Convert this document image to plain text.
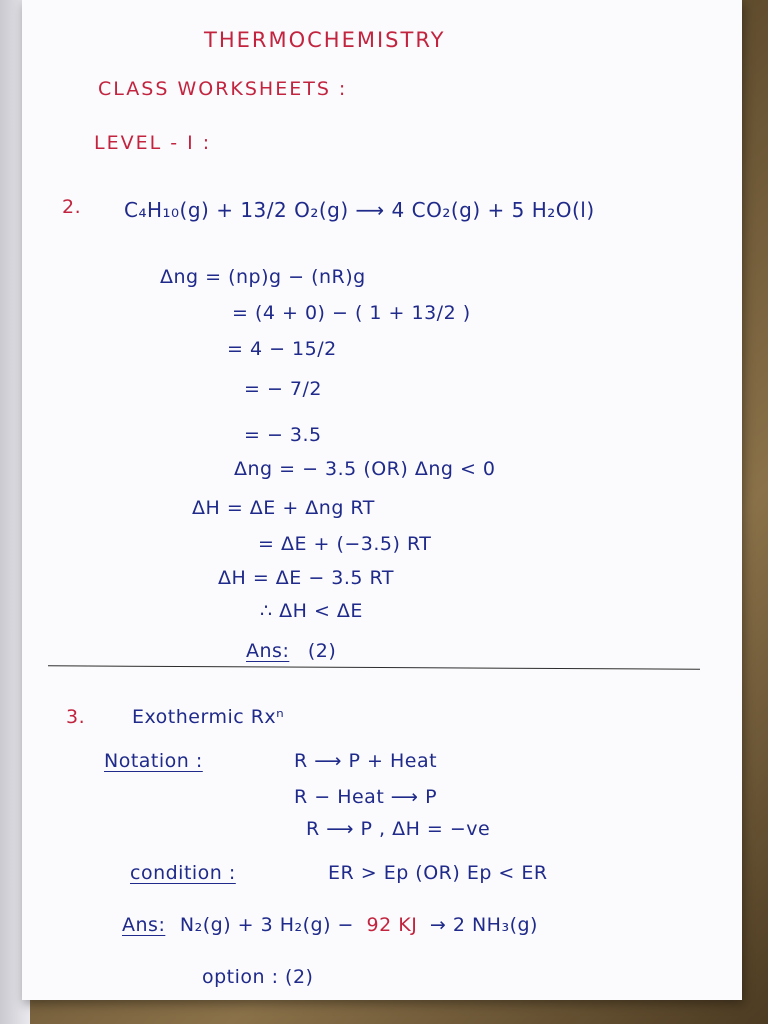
THERMOCHEMISTRY
CLASS WORKSHEETS :
LEVEL - I :
2. C₄H₁₀(g) + 13/2 O₂(g) ⟶ 4 CO₂(g) + 5 H₂O(l)
Δng = (np)g − (nR)g
= (4 + 0) − ( 1 + 13/2 )
= 4 − 15/2
= − 7/2
= − 3.5
Δng = − 3.5 (OR) Δng < 0
ΔH = ΔE + Δng RT
= ΔE + (−3.5) RT
ΔH = ΔE − 3.5 RT
∴ ΔH < ΔE
Ans: (2)
3. Exothermic Rxⁿ
Notation :	R ⟶ P + Heat
R − Heat ⟶ P
R ⟶ P , ΔH = −ve
condition :	ER > Ep (OR) Ep < ER
Ans: N₂(g) + 3 H₂(g) − 92 KJ → 2 NH₃(g)
option : (2)
